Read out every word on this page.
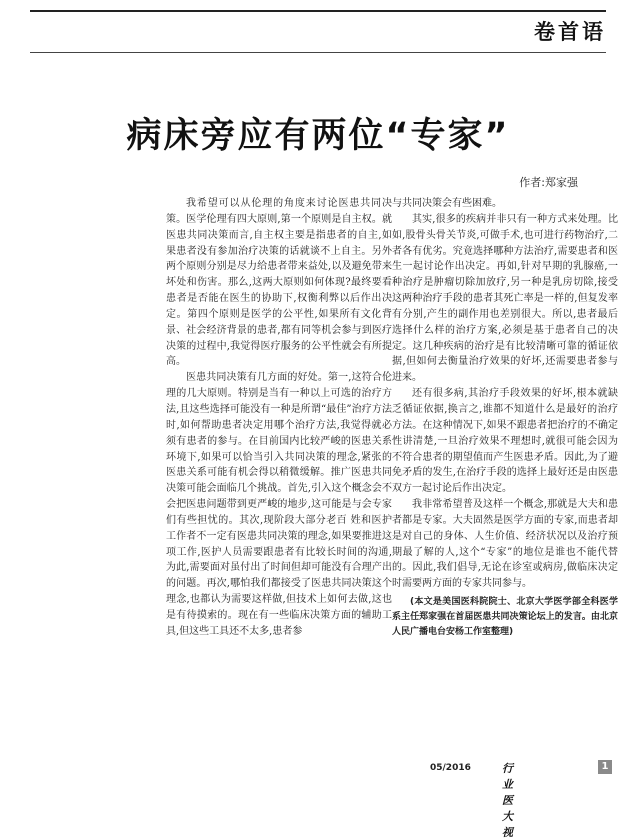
卷首语
病床旁应有两位“专家”
作者:郑家强

我希望可以从伦理的角度来讨论医患共同决策。医学伦理有四大原则,第一个原则是自主权。就医患共同决策而言,自主权主要是指患者的自主,如果患者没有参加治疗决策的话就谈不上自主。另外两个原则分别是尽力给患者带来益处,以及避免带来坏处和伤害。那么,这两大原则如何体现?最终要看患者是否能在医生的协助下,权衡利弊以后作出决定。第四个原则是医学的公平性,如果所有文化背景、社会经济背景的患者,都有同等机会参与到医疗决策的过程中,我觉得医疗服务的公平性就会有所提高。

医患共同决策有几方面的好处。第一,这符合伦理的几大原则。特别是当有一种以上可选的治疗方法,且这些选择可能没有一种是所谓“最佳”治疗方法时,如何帮助患者决定用哪个治疗方法,我觉得就必须有患者的参与。在目前国内比较严峻的医患关系环境下,如果可以恰当引入共同决策的理念,紧张的医患关系可能有机会得以稍微缓解。推广医患共同决策可能会面临几个挑战。首先,引入这个概念会不会把医患问题带到更严峻的地步,这可能是与会专家们有些担忧的。其次,现阶段大部分老百 姓和医护工作者不一定有医患共同决策的理念,如果要推进这项工作,医护人员需要跟患者有比较长时间的沟通,为此,需要面对虽付出了时间但却可能没有合理产出的问题。再次,哪怕我们都接受了医患共同决策这个理念,也都认为需要这样做,但技术上如何去做,这也是有待摸索的。现在有一些临床决策方面的辅助工具,但这些工具还不太多,患者参

与共同决策会有些困难。

其实,很多的疾病并非只有一种方式来处理。比如,股骨头骨关节炎,可做手术,也可进行药物治疗,二者各有优劣。究竟选择哪种方法治疗,需要患者和医生一起讨论作出决定。再如,针对早期的乳腺癌,一种治疗是肿瘤切除加放疗,另一种是乳房切除,接受这两种治疗手段的患者其死亡率是一样的,但复发率有分别,产生的副作用也差别很大。所以,患者最后选择什么样的治疗方案,必须是基于患者自己的决定。这几种疾病的治疗是有比较清晰可靠的循证依据,但如何去衡量治疗效果的好坏,还需要患者参与进来。

还有很多病,其治疗手段效果的好坏,根本就缺乏循证依据,换言之,谁都不知道什么是最好的治疗方法。在这种情况下,如果不跟患者把治疗的不确定性讲清楚,一旦治疗效果不理想时,就很可能会因为不符合患者的期望值而产生医患矛盾。因此,为了避免矛盾的发生,在治疗手段的选择上最好还是由医患双方一起讨论后作出决定。

我非常希望普及这样一个概念,那就是大夫和患者都是专家。大夫固然是医学方面的专家,而患者却是对自己的身体、人生价值、经济状况以及治疗预期最了解的人,这个“专家”的地位是谁也不能代替的。因此,我们倡导,无论在诊室或病房,做临床决定时需要两方面的专家共同参与。

(本文是美国医科院院士、北京大学医学部全科医学系主任郑家强在首届医患共同决策论坛上的发言。由北京人民广播电台安杨工作室整理)

05/2016	行业医大视
1
